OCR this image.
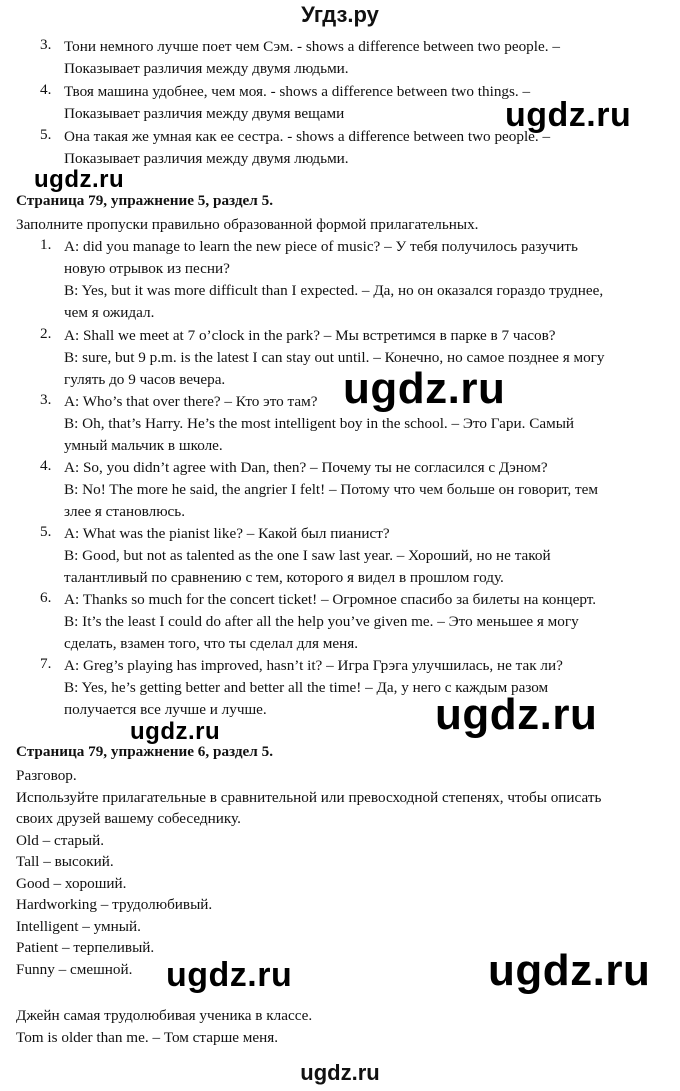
Угдз.ру
3. Тони немного лучше поет чем Сэм. - shows a difference between two people. –
Показывает различия между двумя людьми.
4. Твоя машина удобнее, чем моя. - shows a difference between two things. –
Показывает различия между двумя вещами
5. Она такая же умная как ее сестра. - shows a difference between two people. –
Показывает различия между двумя людьми.
Страница 79, упражнение 5, раздел 5.
Заполните пропуски правильно образованной формой прилагательных.
1. A: did you manage to learn the new piece of music? – У тебя получилось разучить
новую отрывок из песни?
B: Yes, but it was more difficult than I expected. – Да, но он оказался гораздо труднее,
чем я ожидал.
2. A: Shall we meet at 7 o’clock in the park? – Мы встретимся в парке в 7 часов?
B: sure, but 9 p.m. is the latest I can stay out until. – Конечно, но самое позднее я могу
гулять до 9 часов вечера.
3. A: Who’s that over there? – Кто это там?
B: Oh, that’s Harry. He’s the most intelligent boy in the school. – Это Гари. Самый
умный мальчик в школе.
4. A: So, you didn’t agree with Dan, then? – Почему ты не согласился с Дэном?
B: No! The more he said, the angrier I felt! – Потому что чем больше он говорит, тем
злее я становлюсь.
5. A: What was the pianist like? – Какой был пианист?
B: Good, but not as talented as the one I saw last year. – Хороший, но не такой
талантливый по сравнению с тем, которого я видел в прошлом году.
6. A: Thanks so much for the concert ticket! – Огромное спасибо за билеты на концерт.
B: It’s the least I could do after all the help you’ve given me. – Это меньшее я могу
сделать, взамен того, что ты сделал для меня.
7. A: Greg’s playing has improved, hasn’t it? – Игра Грэга улучшилась, не так ли?
B: Yes, he’s getting better and better all the time! – Да, у него с каждым разом
получается все лучше и лучше.
Страница 79, упражнение 6, раздел 5.
Разговор.
Используйте прилагательные в сравнительной или превосходной степенях, чтобы описать
своих друзей вашему собеседнику.
Old – старый.
Tall – высокий.
Good – хороший.
Hardworking – трудолюбивый.
Intelligent – умный.
Patient – терпеливый.
Funny – смешной.
Джейн самая трудолюбивая ученика в классе.
Tom is older than me. – Том старше меня.
ugdz.ru
ugdz.ru
ugdz.ru
ugdz.ru
ugdz.ru
ugdz.ru	ugdz.ru
ugdz.ru
